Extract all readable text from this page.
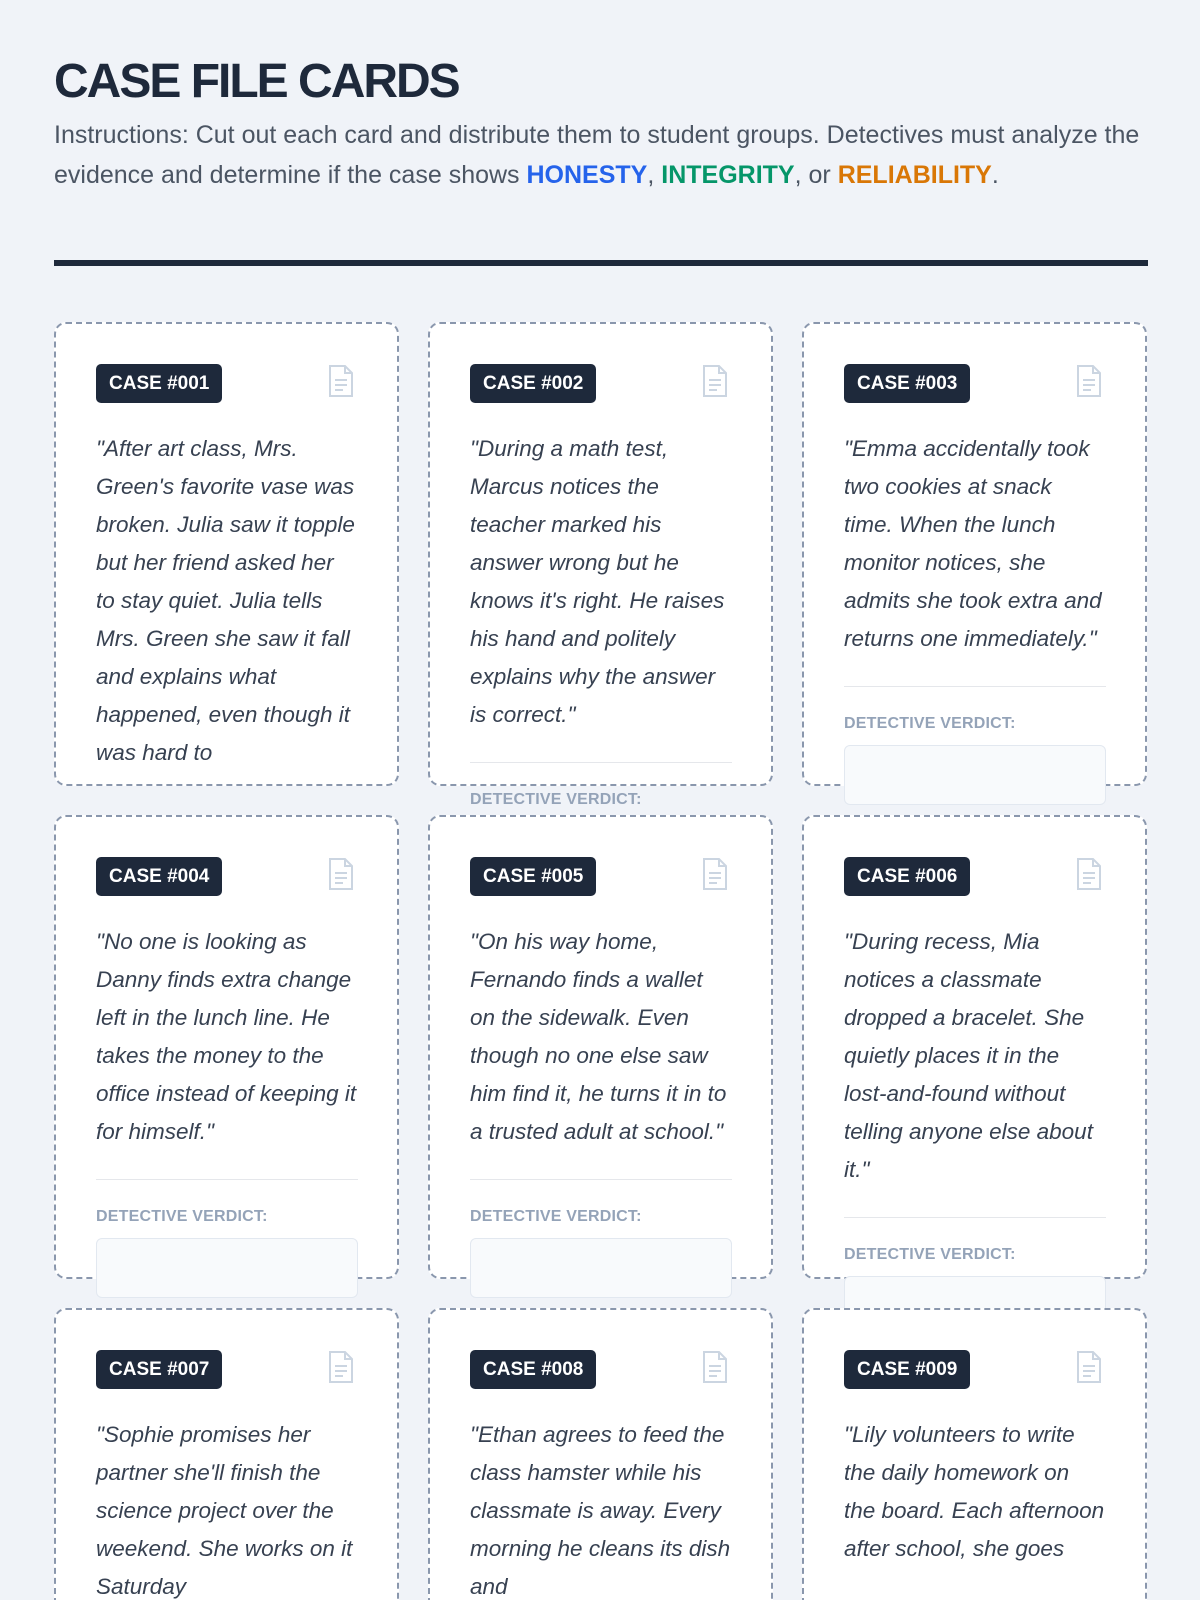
CASE FILE CARDS

Instructions: Cut out each card and distribute them to student groups. Detectives must analyze the evidence and determine if the case shows HONESTY, INTEGRITY, or RELIABILITY.

CASE #001

"After art class, Mrs. Green's favorite vase was broken. Julia saw it topple but her friend asked her to stay quiet. Julia tells Mrs. Green she saw it fall and explains what happened, even though it was hard to

CASE #002

"During a math test, Marcus notices the teacher marked his answer wrong but he knows it's right. He raises his hand and politely explains why the answer is correct."

DETECTIVE VERDICT:
CASE #003

"Emma accidentally took two cookies at snack time. When the lunch monitor notices, she admits she took extra and returns one immediately."

DETECTIVE VERDICT:
CASE #004

"No one is looking as Danny finds extra change left in the lunch line. He takes the money to the office instead of keeping it for himself."

DETECTIVE VERDICT:
CASE #005

"On his way home, Fernando finds a wallet on the sidewalk. Even though no one else saw him find it, he turns it in to a trusted adult at school."

DETECTIVE VERDICT:
CASE #006

"During recess, Mia notices a classmate dropped a bracelet. She quietly places it in the lost-and-found without telling anyone else about it."

DETECTIVE VERDICT:
CASE #007

"Sophie promises her partner she'll finish the science project over the weekend. She works on it Saturday

CASE #008

"Ethan agrees to feed the class hamster while his classmate is away. Every morning he cleans its dish and

CASE #009

"Lily volunteers to write the daily homework on the board. Each afternoon after school, she goes
